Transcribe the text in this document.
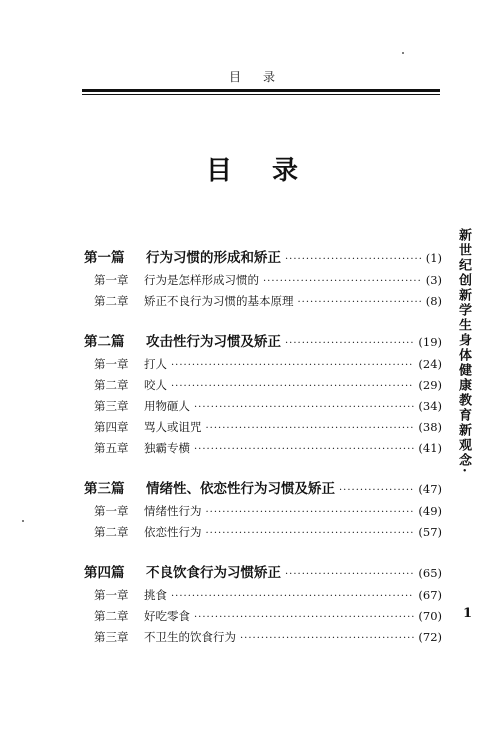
目录
目录
第一篇	行为习惯的形成和矫正 ·····	(1)
第一章	行为是怎样形成习惯的 ·····	(3)
第二章	矫正不良行为习惯的基本原理 ·····	(8)
第二篇	攻击性行为习惯及矫正 ·····	(19)
第一章	打人 ·····	(24)
第二章	咬人 ·····	(29)
第三章	用物砸人 ·····	(34)
第四章	骂人或诅咒 ·····	(38)
第五章	独霸专横 ·····	(41)
第三篇	情绪性、依恋性行为习惯及矫正 ·····	(47)
第一章	情绪性行为 ·····	(49)
第二章	依恋性行为 ·····	(57)
第四篇	不良饮食行为习惯矫正 ·····	(65)
第一章	挑食 ·····	(67)
第二章	好吃零食 ·····	(70)
第三章	不卫生的饮食行为 ·····	(72)
新世纪创新学生身体健康教育新观念·
1
